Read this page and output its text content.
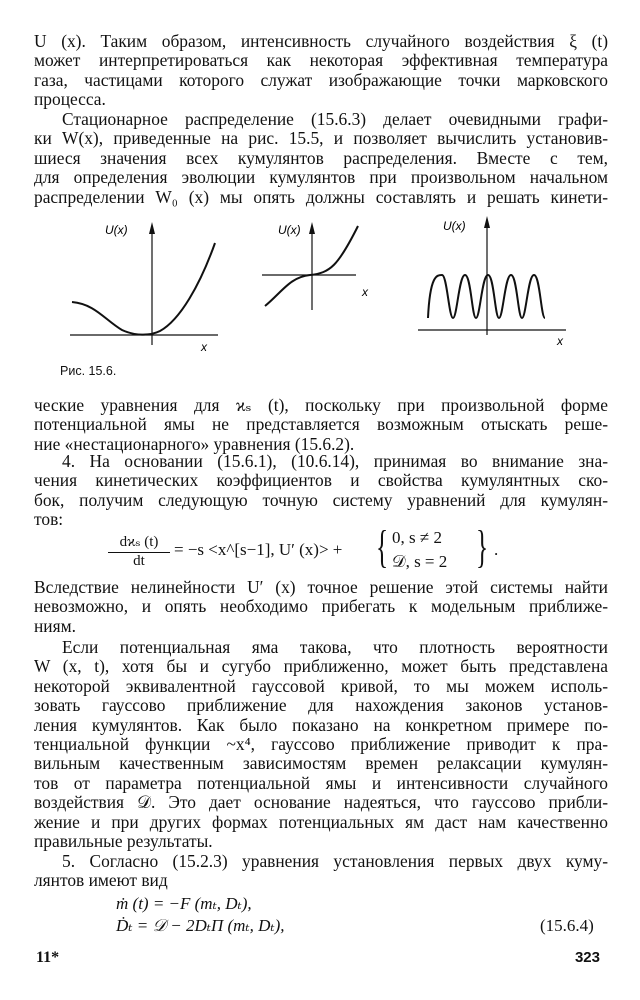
U (x). Таким образом, интенсивность случайного воздействия ξ (t)
может интерпретироваться как некоторая эффективная температура
газа, частицами которого служат изображающие точки марковского
процесса.
Стационарное распределение (15.6.3) делает очевидными графи-
ки W(x), приведенные на рис. 15.5, и позволяет вычислить установив-
шиеся значения всех кумулянтов распределения. Вместе с тем,
для определения эволюции кумулянтов при произвольном начальном
распределении W₀ (x) мы опять должны составлять и решать кинети-
U(x)
x
U(x)
x
U(x)
x
Рис. 15.6.
ческие уравнения для ϰₛ (t), поскольку при произвольной форме
потенциальной ямы не представляется возможным отыскать реше-
ние «нестационарного» уравнения (15.6.2).
4. На основании (15.6.1), (10.6.14), принимая во внимание зна-
чения кинетических коэффициентов и свойства кумулянтных ско-
бок, получим следующую точную систему уравнений для кумулян-
тов:
dϰₛ (t)
dt
= −s <x^[s−1], U′ (x)> + { 0, s ≠ 2
𝒟, s = 2 } .
Вследствие нелинейности U′ (x) точное решение этой системы найти
невозможно, и опять необходимо прибегать к модельным приближе-
ниям.
Если потенциальная яма такова, что плотность вероятности
W (x, t), хотя бы и сугубо приближенно, может быть представлена
некоторой эквивалентной гауссовой кривой, то мы можем исполь-
зовать гауссово приближение для нахождения законов установ-
ления кумулянтов. Как было показано на конкретном примере по-
тенциальной функции ~x⁴, гауссово приближение приводит к пра-
вильным качественным зависимостям времен релаксации кумулян-
тов от параметра потенциальной ямы и интенсивности случайного
воздействия 𝒟. Это дает основание надеяться, что гауссово прибли-
жение и при других формах потенциальных ям даст нам качественно
правильные результаты.
5. Согласно (15.2.3) уравнения установления первых двух куму-
лянтов имеют вид
ṁ (t) = −F (mₜ, Dₜ),
Ḋₜ = 𝒟 − 2DₜΠ (mₜ, Dₜ),	(15.6.4)
11*	323
